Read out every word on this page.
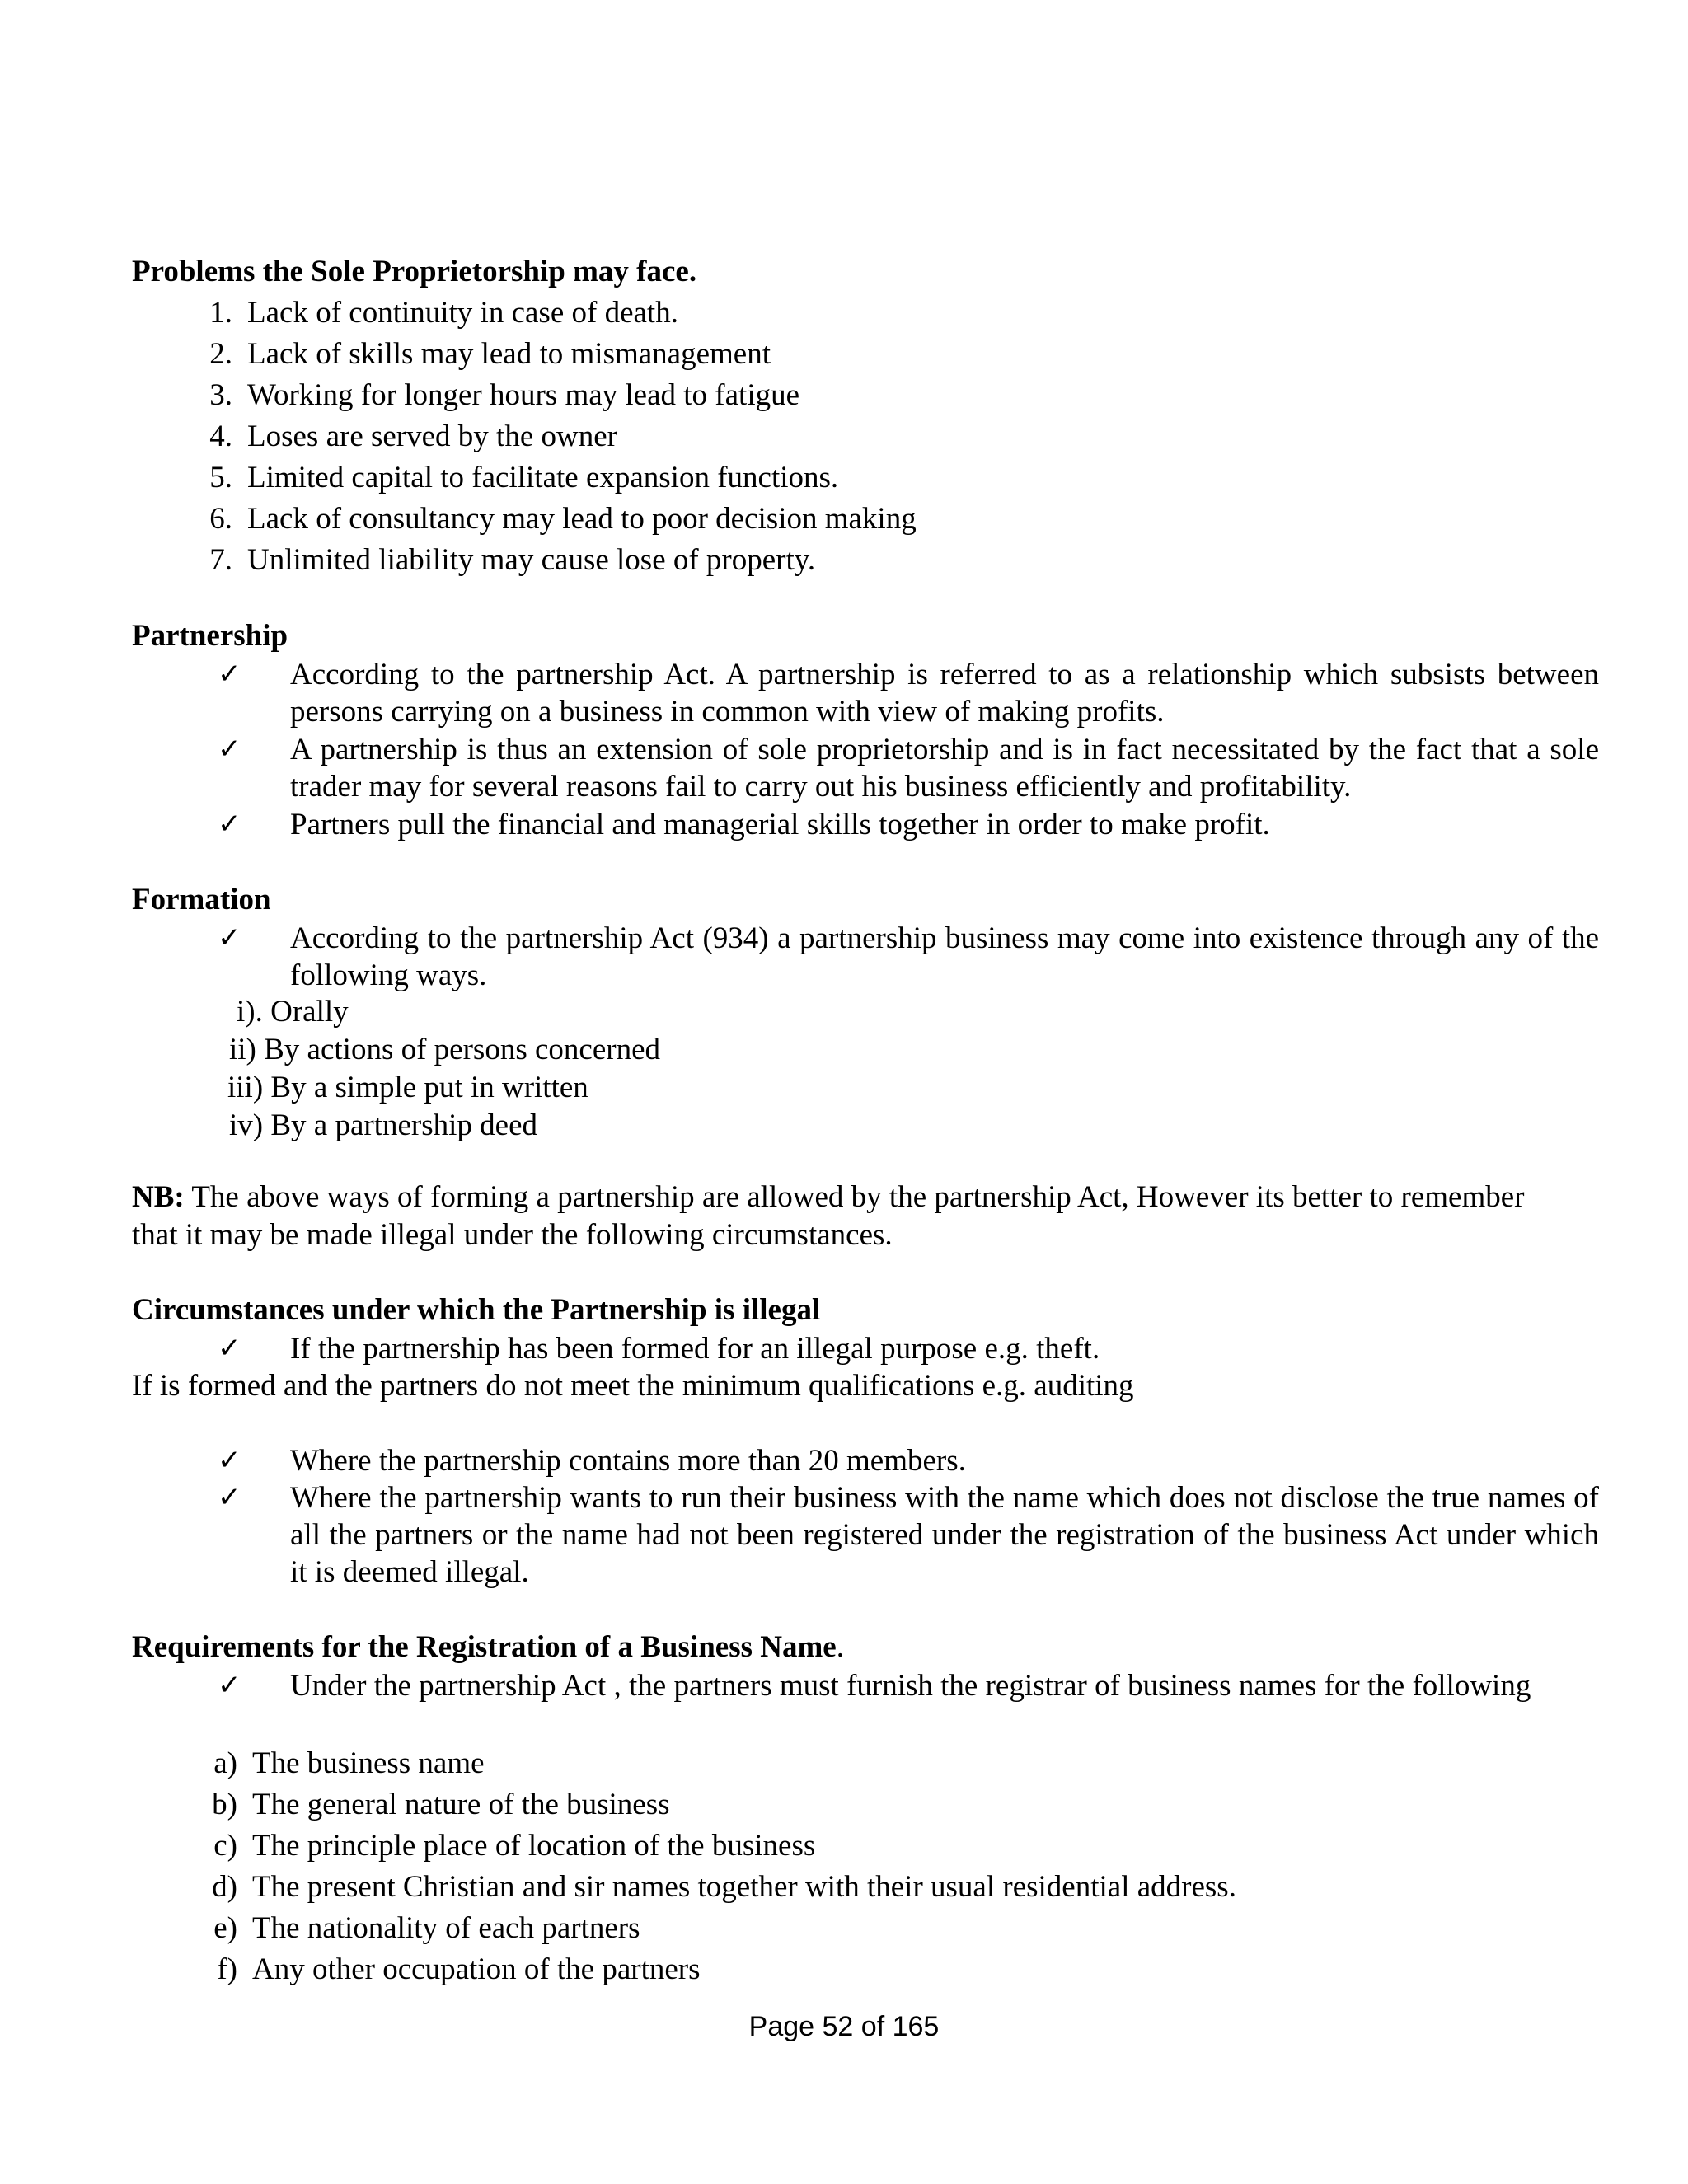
Problems the Sole Proprietorship may face.
1. Lack of continuity in case of death.
2. Lack of skills may lead to mismanagement
3. Working for longer hours may lead to fatigue
4. Loses are served by the owner
5. Limited capital to facilitate expansion functions.
6. Lack of consultancy may lead to poor decision making
7. Unlimited liability may cause lose of property.
Partnership
✓ According to the partnership Act. A partnership is referred to as a relationship which subsists between persons carrying on a business in common with view of making profits.
✓ A partnership is thus an extension of sole proprietorship and is in fact necessitated by the fact that a sole trader may for several reasons fail to carry out his business efficiently and profitability.
✓ Partners pull the financial and managerial skills together in order to make profit.
Formation
✓ According to the partnership Act (934) a partnership business may come into existence through any of the following ways.
i). Orally
ii) By actions of persons concerned
iii) By a simple put in written
iv) By a partnership deed

NB: The above ways of forming a partnership are allowed by the partnership Act, However its better to remember that it may be made illegal under the following circumstances.

Circumstances under which the Partnership is illegal
✓ If the partnership has been formed for an illegal purpose e.g. theft.
If is formed and the partners do not meet the minimum qualifications e.g. auditing
✓ Where the partnership contains more than 20 members.
✓ Where the partnership wants to run their business with the name which does not disclose the true names of all the partners or the name had not been registered under the registration of the business Act under which it is deemed illegal.
Requirements for the Registration of a Business Name.
✓ Under the partnership Act , the partners must furnish the registrar of business names for the following
a) The business name
b) The general nature of the business
c) The principle place of location of the business
d) The present Christian and sir names together with their usual residential address.
e) The nationality of each partners
f) Any other occupation of the partners
Page 52 of 165
